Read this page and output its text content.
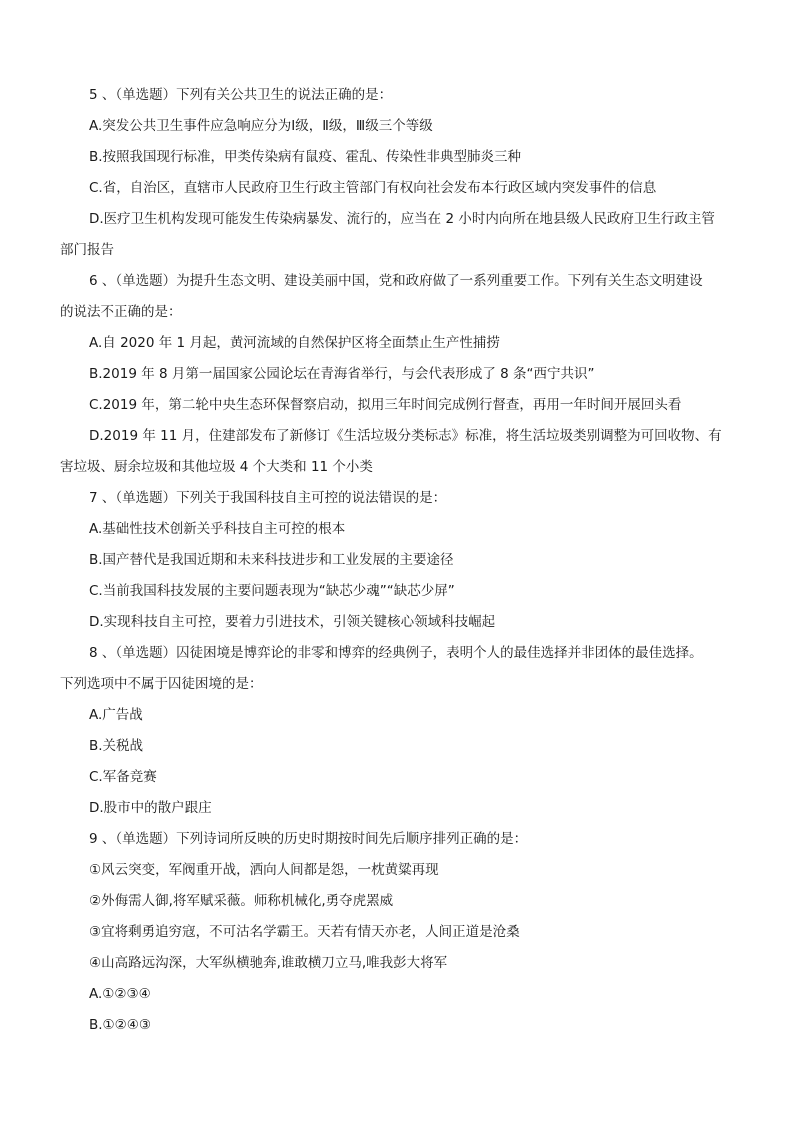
5 、（单选题）下列有关公共卫生的说法正确的是：
A.突发公共卫生事件应急响应分为Ⅰ级，Ⅱ级，Ⅲ级三个等级
B.按照我国现行标准，甲类传染病有鼠疫、霍乱、传染性非典型肺炎三种
C.省，自治区，直辖市人民政府卫生行政主管部门有权向社会发布本行政区域内突发事件的信息
D.医疗卫生机构发现可能发生传染病暴发、流行的，应当在 2 小时内向所在地县级人民政府卫生行政主管
部门报告
6 、（单选题）为提升生态文明、建设美丽中国，党和政府做了一系列重要工作。下列有关生态文明建设
的说法不正确的是：
A.自 2020 年 1 月起，黄河流域的自然保护区将全面禁止生产性捕捞
B.2019 年 8 月第一届国家公园论坛在青海省举行，与会代表形成了 8 条“西宁共识”
C.2019 年，第二轮中央生态环保督察启动，拟用三年时间完成例行督查，再用一年时间开展回头看
D.2019 年 11 月，住建部发布了新修订《生活垃圾分类标志》标准，将生活垃圾类别调整为可回收物、有
害垃圾、厨余垃圾和其他垃圾 4 个大类和 11 个小类
7 、（单选题）下列关于我国科技自主可控的说法错误的是：
A.基础性技术创新关乎科技自主可控的根本
B.国产替代是我国近期和未来科技进步和工业发展的主要途径
C.当前我国科技发展的主要问题表现为“缺芯少魂”“缺芯少屏”
D.实现科技自主可控，要着力引进技术，引领关键核心领域科技崛起
8 、（单选题）囚徒困境是博弈论的非零和博弈的经典例子，表明个人的最佳选择并非团体的最佳选择。
下列选项中不属于囚徒困境的是：
A.广告战
B.关税战
C.军备竞赛
D.股市中的散户跟庄
9 、（单选题）下列诗词所反映的历史时期按时间先后顺序排列正确的是：
①风云突变，军阀重开战，洒向人间都是怨，一枕黄粱再现
②外侮需人御,将军赋采薇。师称机械化,勇夺虎罴威
③宜将剩勇追穷寇，不可沽名学霸王。天若有情天亦老，人间正道是沧桑
④山高路远沟深，大军纵横驰奔,谁敢横刀立马,唯我彭大将军
A.①②③④
B.①②④③
